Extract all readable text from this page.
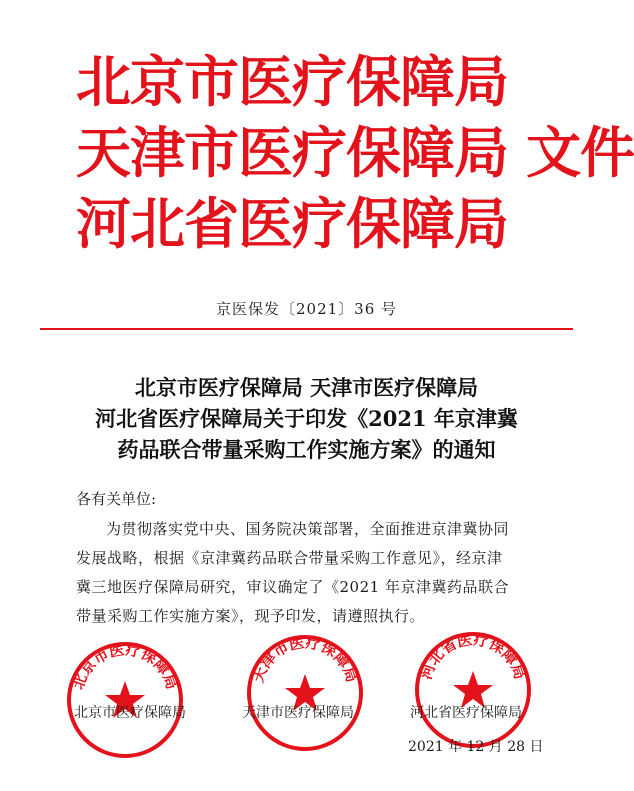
北京市医疗保障局
天津市医疗保障局 文件
河北省医疗保障局
京医保发〔2021〕36 号
北京市医疗保障局 天津市医疗保障局
河北省医疗保障局关于印发《2021 年京津冀
药品联合带量采购工作实施方案》的通知
各有关单位:
为贯彻落实党中央、国务院决策部署，全面推进京津冀协同
发展战略，根据《京津冀药品联合带量采购工作意见》，经京津
冀三地医疗保障局研究，审议确定了《2021 年京津冀药品联合
带量采购工作实施方案》，现予印发，请遵照执行。
北京市医疗保障局	天津市医疗保障局	河北省医疗保障局
北京市医疗保障局	天津市医疗保障局	河北省医疗保障局
2021 年 12 月 28 日
